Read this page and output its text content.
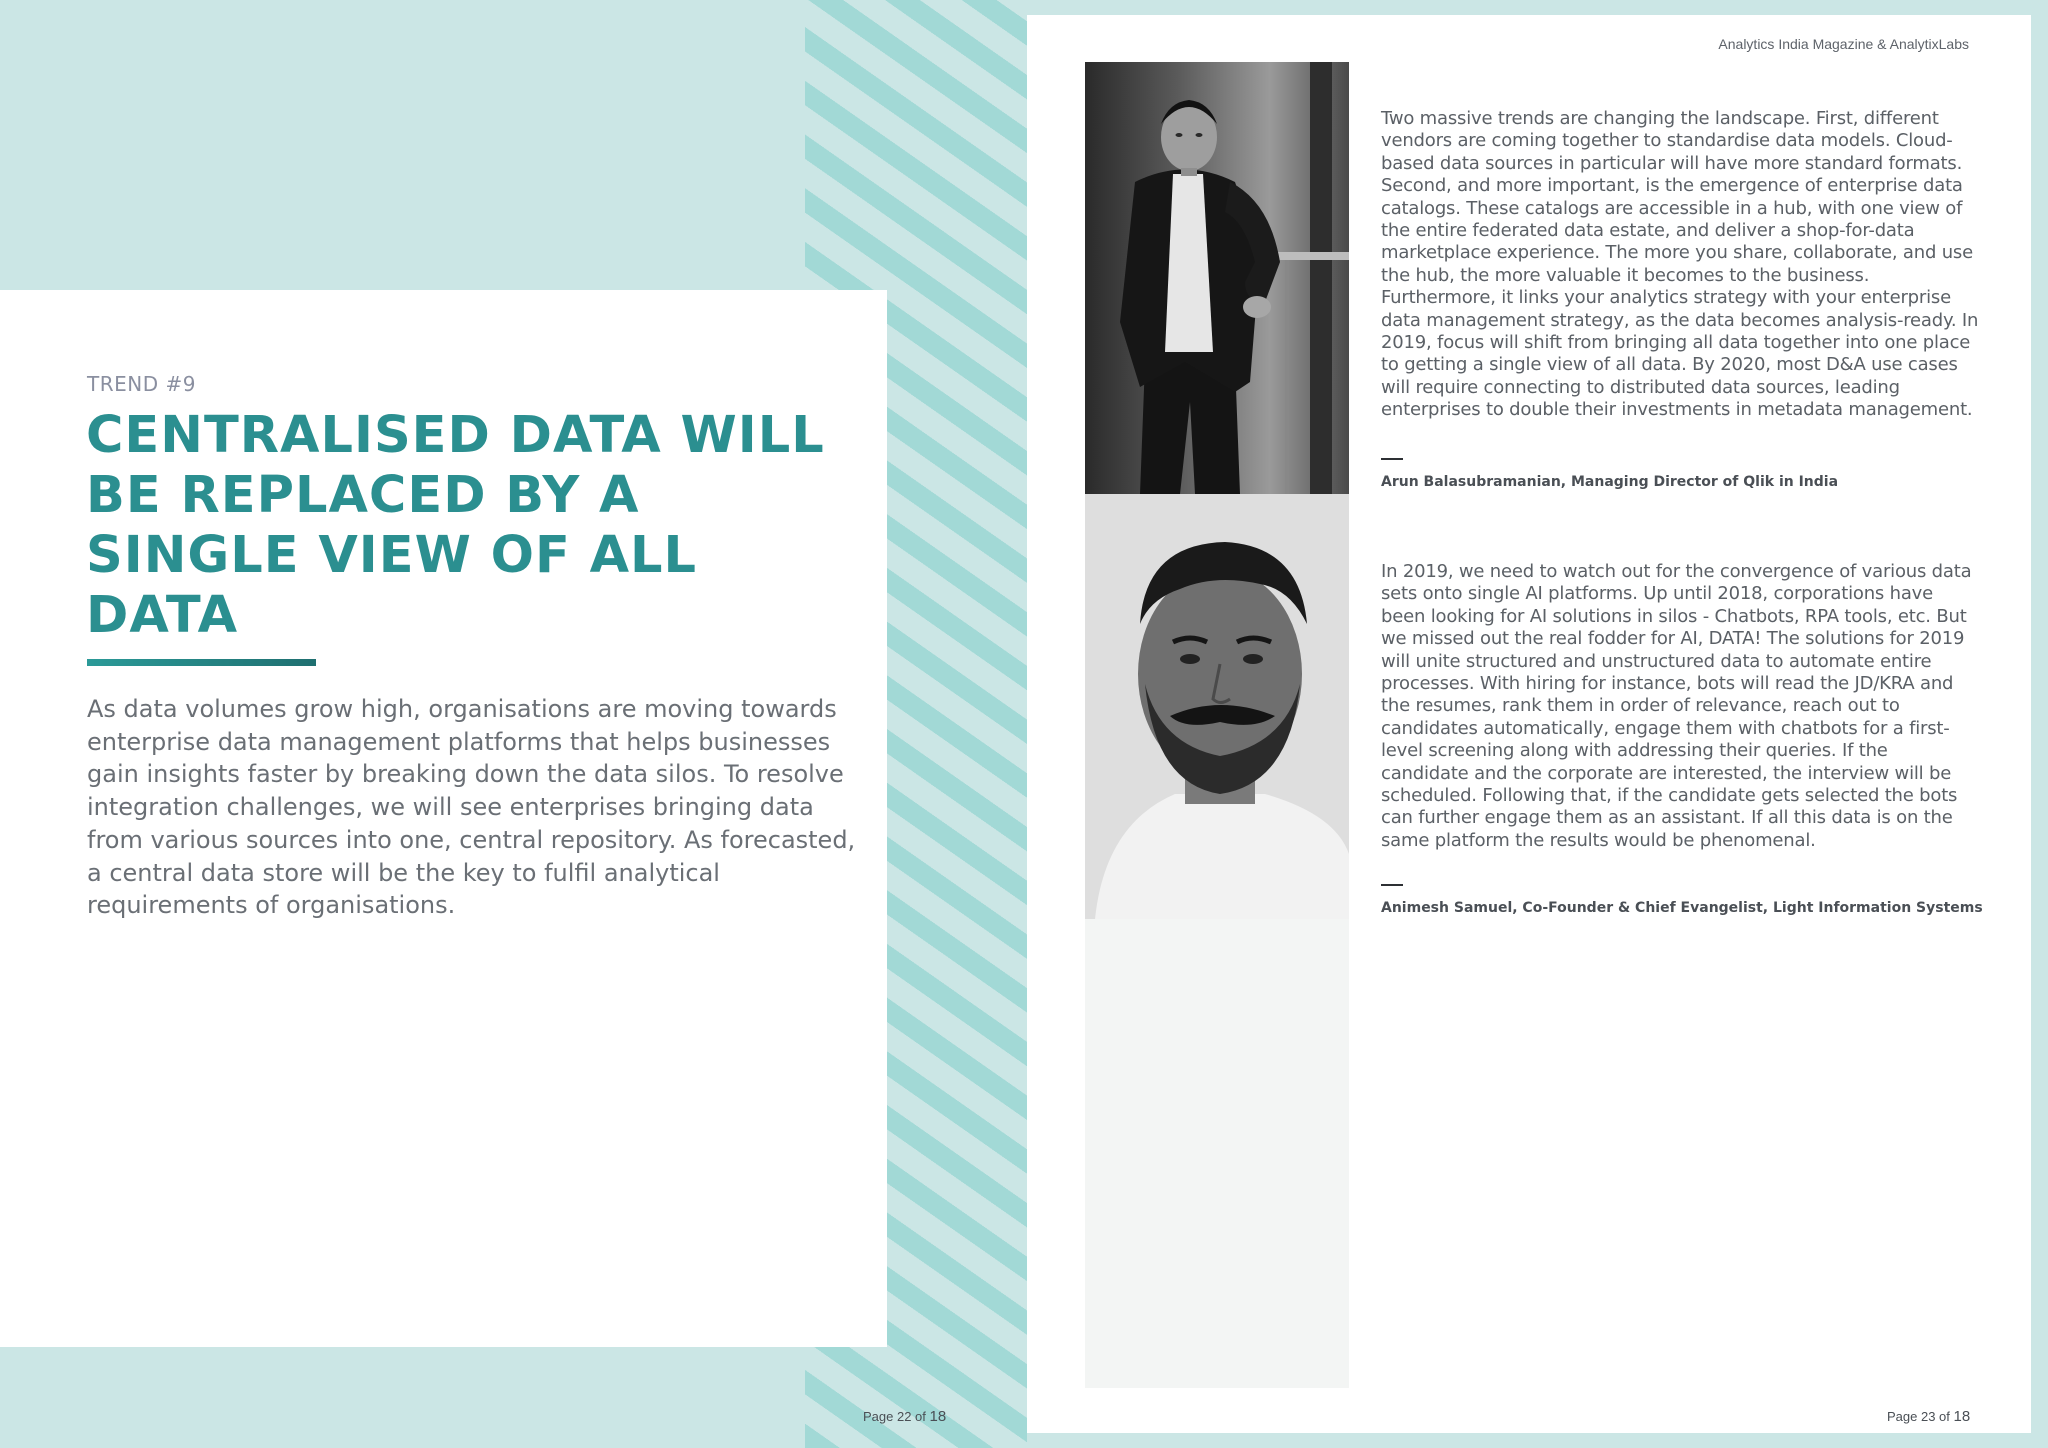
TREND #9
CENTRALISED DATA WILL BE REPLACED BY A SINGLE VIEW OF ALL DATA

As data volumes grow high, organisations are moving towards enterprise data management platforms that helps businesses gain insights faster by breaking down the data silos. To resolve integration challenges, we will see enterprises bringing data from various sources into one, central repository. As forecasted, a central data store will be the key to fulfil analytical requirements of organisations.

Page 22 of 18
Analytics India Magazine & AnalytixLabs

Two massive trends are changing the landscape. First, different vendors are coming together to standardise data models. Cloud-based data sources in particular will have more standard formats. Second, and more important, is the emergence of enterprise data catalogs. These catalogs are accessible in a hub, with one view of the entire federated data estate, and deliver a shop-for-data marketplace experience. The more you share, collaborate, and use the hub, the more valuable it becomes to the business. Furthermore, it links your analytics strategy with your enterprise data management strategy, as the data becomes analysis-ready. In 2019, focus will shift from bringing all data together into one place to getting a single view of all data. By 2020, most D&A use cases will require connecting to distributed data sources, leading enterprises to double their investments in metadata management.

Arun Balasubramanian, Managing Director of Qlik in India

In 2019, we need to watch out for the convergence of various data sets onto single AI platforms. Up until 2018, corporations have been looking for AI solutions in silos - Chatbots, RPA tools, etc. But we missed out the real fodder for AI, DATA! The solutions for 2019 will unite structured and unstructured data to automate entire processes. With hiring for instance, bots will read the JD/KRA and the resumes, rank them in order of relevance, reach out to candidates automatically, engage them with chatbots for a first-level screening along with addressing their queries. If the candidate and the corporate are interested, the interview will be scheduled. Following that, if the candidate gets selected the bots can further engage them as an assistant. If all this data is on the same platform the results would be phenomenal.

Animesh Samuel, Co-Founder & Chief Evangelist, Light Information Systems
Page 23 of 18
